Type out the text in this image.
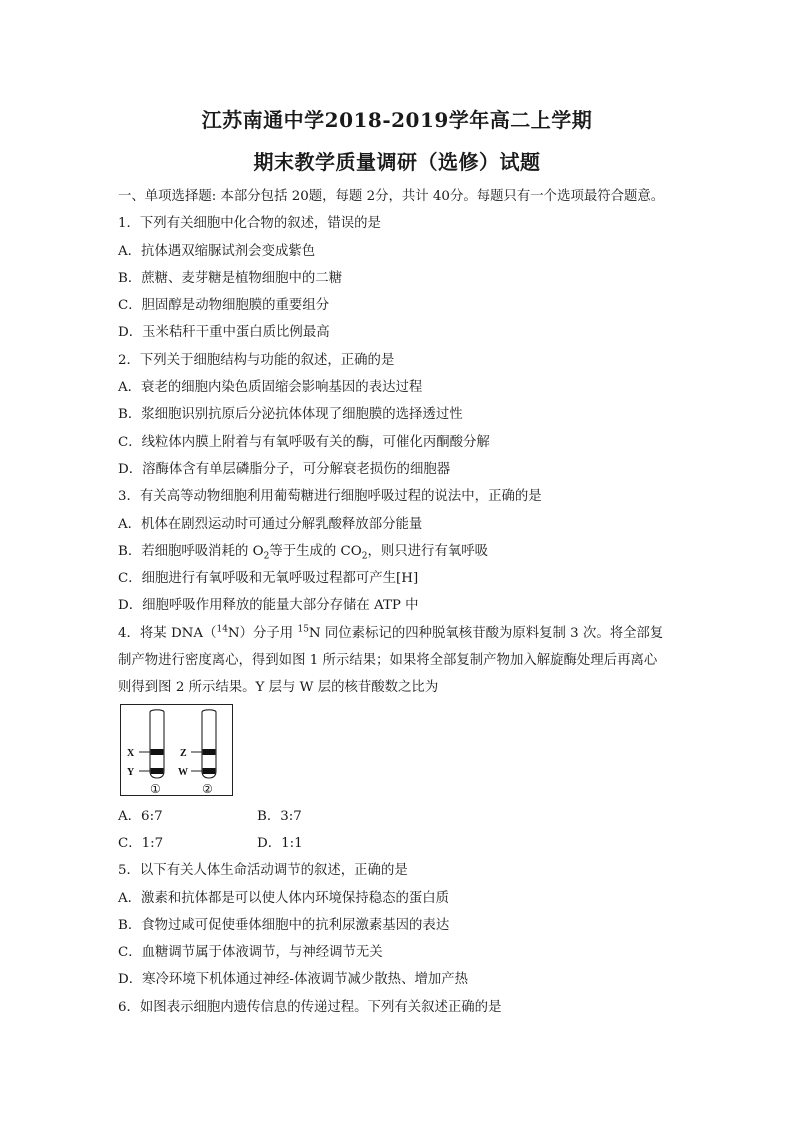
江苏南通中学2018-2019学年高二上学期
期末教学质量调研（选修）试题
一、单项选择题: 本部分包括 20题，每题 2分，共计 40分。每题只有一个选项最符合题意。
1．下列有关细胞中化合物的叙述，错误的是
A．抗体遇双缩脲试剂会变成紫色
B．蔗糖、麦芽糖是植物细胞中的二糖
C．胆固醇是动物细胞膜的重要组分
D．玉米秸秆干重中蛋白质比例最高
2．下列关于细胞结构与功能的叙述，正确的是
A．衰老的细胞内染色质固缩会影响基因的表达过程
B．浆细胞识别抗原后分泌抗体体现了细胞膜的选择透过性
C．线粒体内膜上附着与有氧呼吸有关的酶，可催化丙酮酸分解
D．溶酶体含有单层磷脂分子，可分解衰老损伤的细胞器
3．有关高等动物细胞利用葡萄糖进行细胞呼吸过程的说法中，正确的是
A．机体在剧烈运动时可通过分解乳酸释放部分能量
B．若细胞呼吸消耗的 $O_2$等于生成的 $CO_2$，则只进行有氧呼吸
C．细胞进行有氧呼吸和无氧呼吸过程都可产生[H]
D．细胞呼吸作用释放的能量大部分存储在 ATP 中
4．将某 DNA（$^{14}$N）分子用 $^{15}$N 同位素标记的四种脱氧核苷酸为原料复制 3 次。将全部复
制产物进行密度离心，得到如图 1 所示结果；如果将全部复制产物加入解旋酶处理后再离心
则得到图 2 所示结果。Y 层与 W 层的核苷酸数之比为
X
Y
①
Z
W
②
A．6:7	B．3:7
C．1:7	D．1:1
5．以下有关人体生命活动调节的叙述，正确的是
A．激素和抗体都是可以使人体内环境保持稳态的蛋白质
B．食物过咸可促使垂体细胞中的抗利尿激素基因的表达
C．血糖调节属于体液调节，与神经调节无关
D．寒冷环境下机体通过神经-体液调节减少散热、增加产热
6．如图表示细胞内遗传信息的传递过程。下列有关叙述正确的是
